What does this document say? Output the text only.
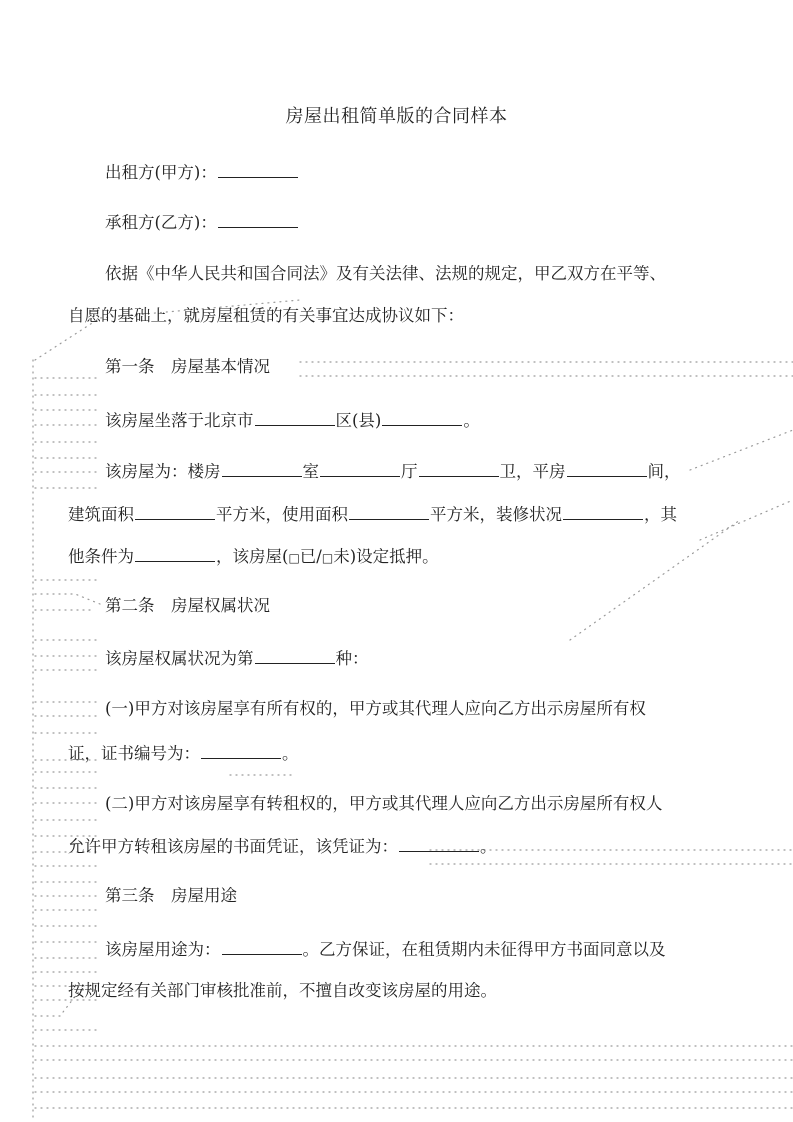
房屋出租简单版的合同样本
出租方(甲方)：
承租方(乙方)：
依据《中华人民共和国合同法》及有关法律、法规的规定，甲乙双方在平等、
自愿的基础上，就房屋租赁的有关事宜达成协议如下：
第一条　房屋基本情况
该房屋坐落于北京市	区(县)	。
该房屋为：楼房	室	厅	卫，平房	间，
建筑面积	平方米，使用面积	平方米，装修状况	，其
他条件为	，该房屋(□已/□未)设定抵押。
第二条　房屋权属状况
该房屋权属状况为第	种：
(一)甲方对该房屋享有所有权的，甲方或其代理人应向乙方出示房屋所有权
证，证书编号为：	。
(二)甲方对该房屋享有转租权的，甲方或其代理人应向乙方出示房屋所有权人
允许甲方转租该房屋的书面凭证，该凭证为：	。
第三条　房屋用途
该房屋用途为：	。乙方保证，在租赁期内未征得甲方书面同意以及
按规定经有关部门审核批准前，不擅自改变该房屋的用途。
